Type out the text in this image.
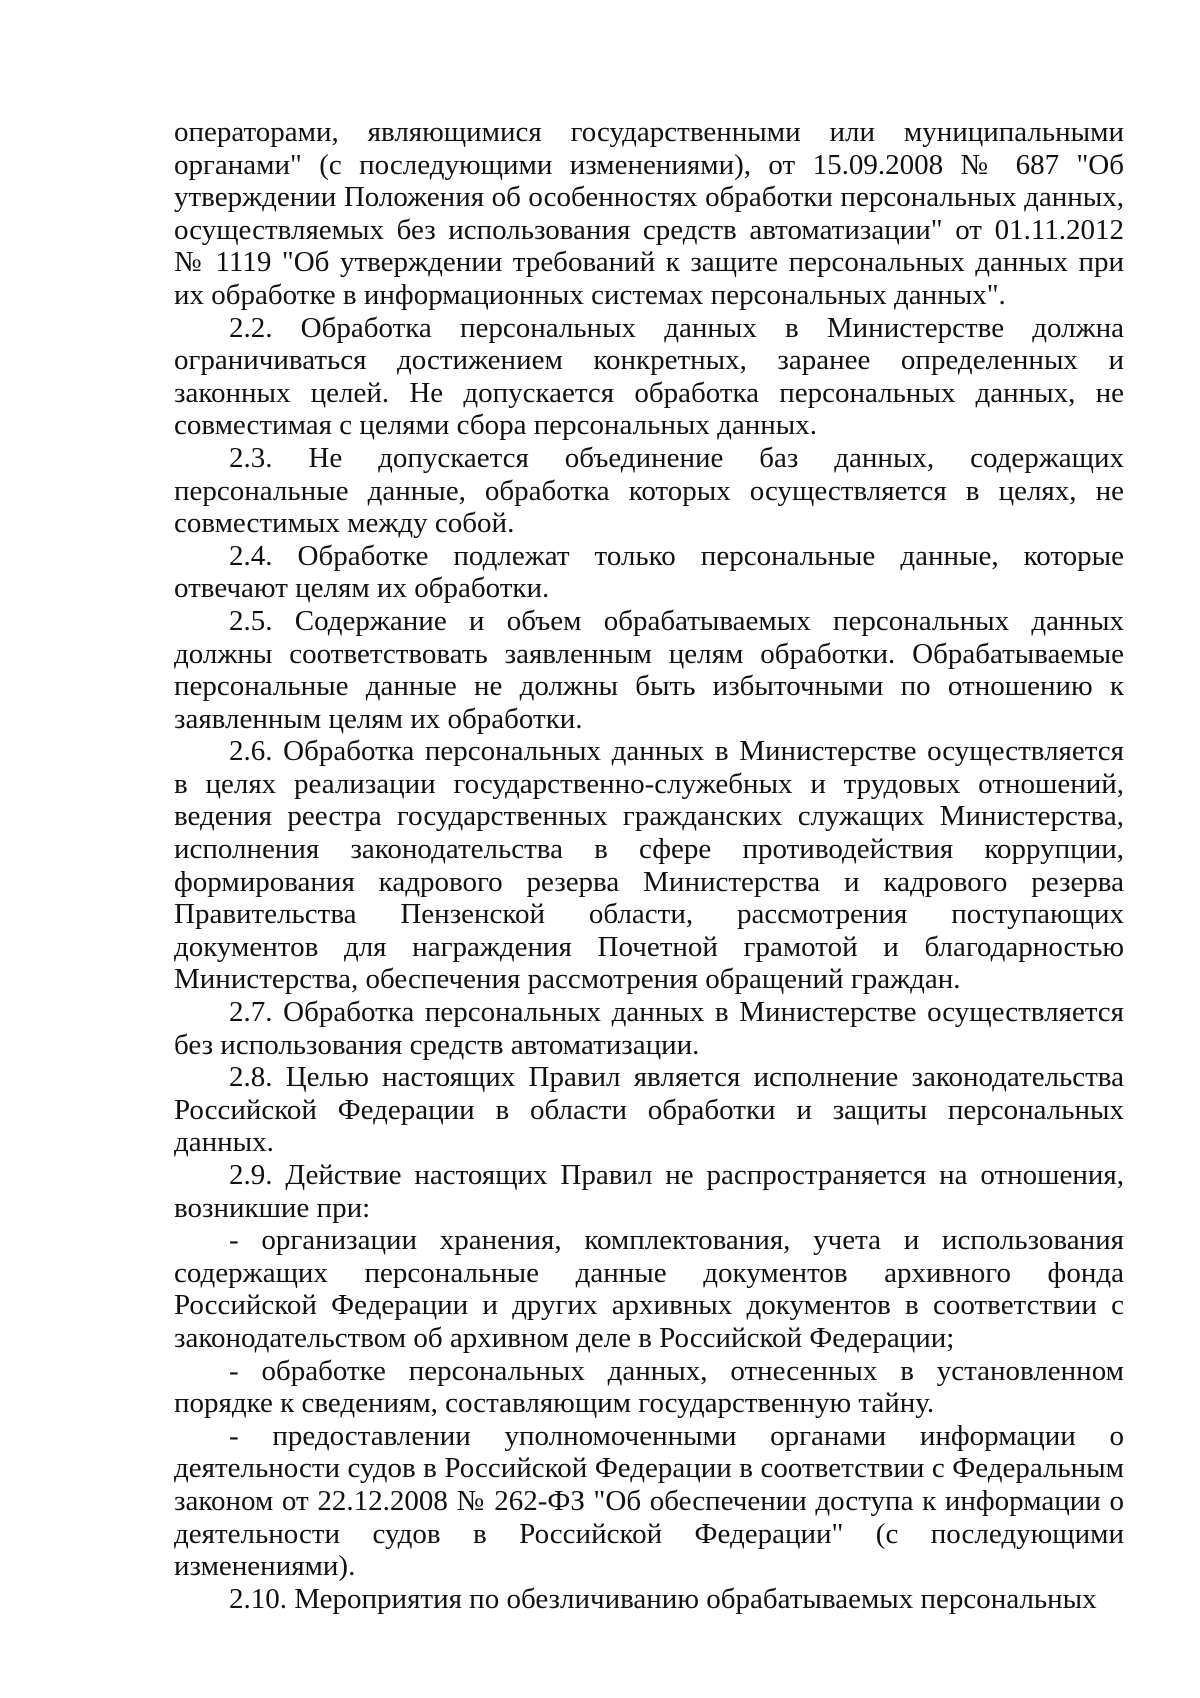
операторами, являющимися государственными или муниципальными органами" (с последующими изменениями), от 15.09.2008 № 687 "Об утверждении Положения об особенностях обработки персональных данных, осуществляемых без использования средств автоматизации" от 01.11.2012 № 1119 "Об утверждении требований к защите персональных данных при их обработке в информационных системах персональных данных".

2.2. Обработка персональных данных в Министерстве должна ограничиваться достижением конкретных, заранее определенных и законных целей. Не допускается обработка персональных данных, не совместимая с целями сбора персональных данных.

2.3. Не допускается объединение баз данных, содержащих персональные данные, обработка которых осуществляется в целях, не совместимых между собой.

2.4. Обработке подлежат только персональные данные, которые отвечают целям их обработки.

2.5. Содержание и объем обрабатываемых персональных данных должны соответствовать заявленным целям обработки. Обрабатываемые персональные данные не должны быть избыточными по отношению к заявленным целям их обработки.

2.6. Обработка персональных данных в Министерстве осуществляется в целях реализации государственно-служебных и трудовых отношений, ведения реестра государственных гражданских служащих Министерства, исполнения законодательства в сфере противодействия коррупции, формирования кадрового резерва Министерства и кадрового резерва Правительства Пензенской области, рассмотрения поступающих документов для награждения Почетной грамотой и благодарностью Министерства, обеспечения рассмотрения обращений граждан.

2.7. Обработка персональных данных в Министерстве осуществляется без использования средств автоматизации.

2.8. Целью настоящих Правил является исполнение законодательства Российской Федерации в области обработки и защиты персональных данных.

2.9. Действие настоящих Правил не распространяется на отношения, возникшие при:

- организации хранения, комплектования, учета и использования содержащих персональные данные документов архивного фонда Российской Федерации и других архивных документов в соответствии с законодательством об архивном деле в Российской Федерации;

- обработке персональных данных, отнесенных в установленном порядке к сведениям, составляющим государственную тайну.

- предоставлении уполномоченными органами информации о деятельности судов в Российской Федерации в соответствии с Федеральным законом от 22.12.2008 № 262-ФЗ "Об обеспечении доступа к информации о деятельности судов в Российской Федерации" (с последующими изменениями).

2.10. Мероприятия по обезличиванию обрабатываемых персональных
